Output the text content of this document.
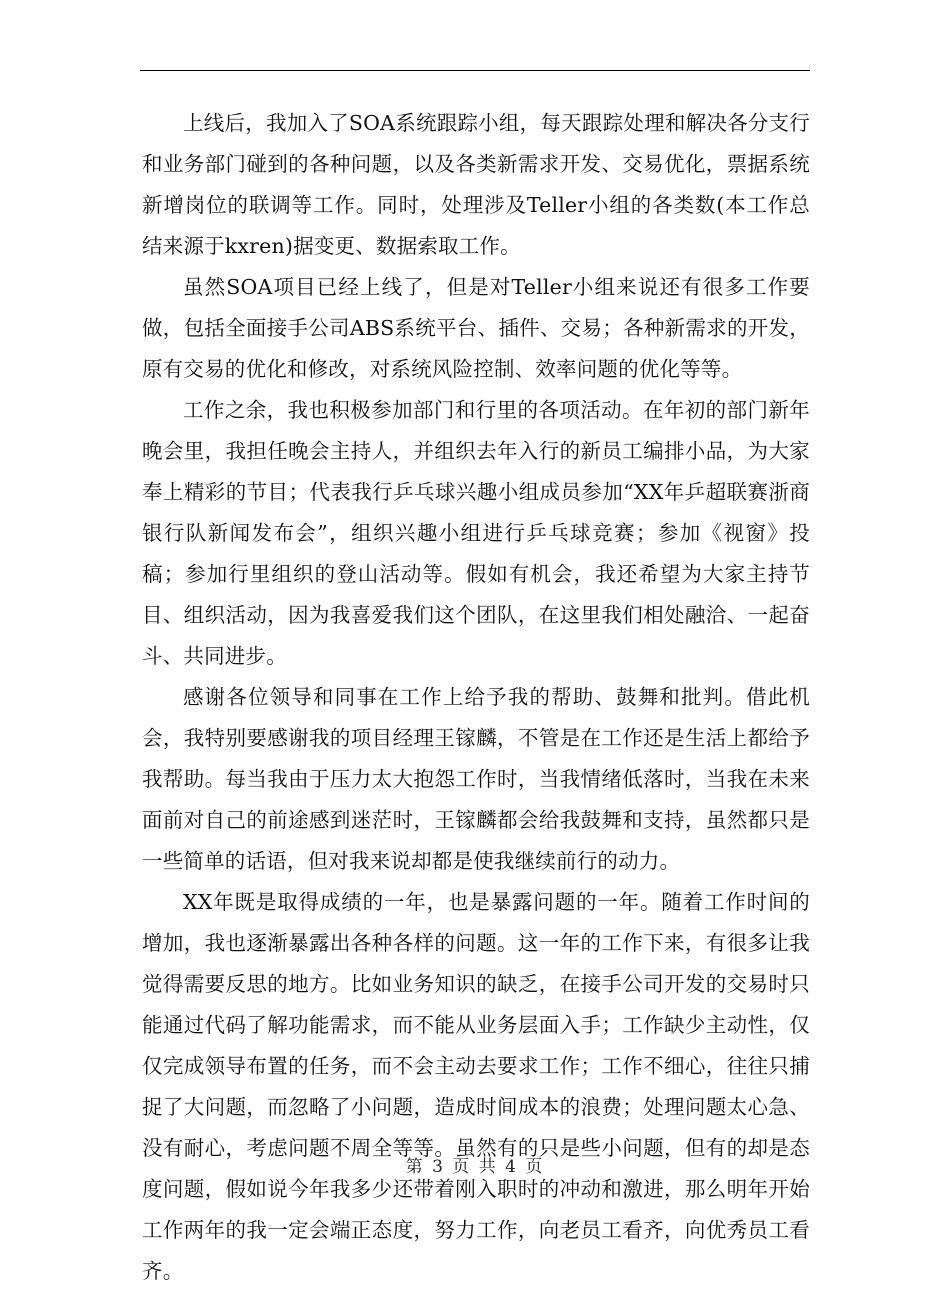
上线后，我加入了SOA系统跟踪小组，每天跟踪处理和解决各分支行和业务部门碰到的各种问题，以及各类新需求开发、交易优化，票据系统新增岗位的联调等工作。同时，处理涉及Teller小组的各类数(本工作总结来源于kxren)据变更、数据索取工作。

虽然SOA项目已经上线了，但是对Teller小组来说还有很多工作要做，包括全面接手公司ABS系统平台、插件、交易；各种新需求的开发，原有交易的优化和修改，对系统风险控制、效率问题的优化等等。

工作之余，我也积极参加部门和行里的各项活动。在年初的部门新年晚会里，我担任晚会主持人，并组织去年入行的新员工编排小品，为大家奉上精彩的节目；代表我行乒乓球兴趣小组成员参加“XX年乒超联赛浙商银行队新闻发布会”，组织兴趣小组进行乒乓球竞赛；参加《视窗》投稿；参加行里组织的登山活动等。假如有机会，我还希望为大家主持节目、组织活动，因为我喜爱我们这个团队，在这里我们相处融洽、一起奋斗、共同进步。

感谢各位领导和同事在工作上给予我的帮助、鼓舞和批判。借此机会，我特别要感谢我的项目经理王镓麟，不管是在工作还是生活上都给予我帮助。每当我由于压力太大抱怨工作时，当我情绪低落时，当我在未来面前对自己的前途感到迷茫时，王镓麟都会给我鼓舞和支持，虽然都只是一些简单的话语，但对我来说却都是使我继续前行的动力。

XX年既是取得成绩的一年，也是暴露问题的一年。随着工作时间的增加，我也逐渐暴露出各种各样的问题。这一年的工作下来，有很多让我觉得需要反思的地方。比如业务知识的缺乏，在接手公司开发的交易时只能通过代码了解功能需求，而不能从业务层面入手；工作缺少主动性，仅仅完成领导布置的任务，而不会主动去要求工作；工作不细心，往往只捕捉了大问题，而忽略了小问题，造成时间成本的浪费；处理问题太心急、没有耐心，考虑问题不周全等等。虽然有的只是些小问题，但有的却是态度问题，假如说今年我多少还带着刚入职时的冲动和激进，那么明年开始工作两年的我一定会端正态度，努力工作，向老员工看齐，向优秀员工看齐。

第 3 页 共 4 页
